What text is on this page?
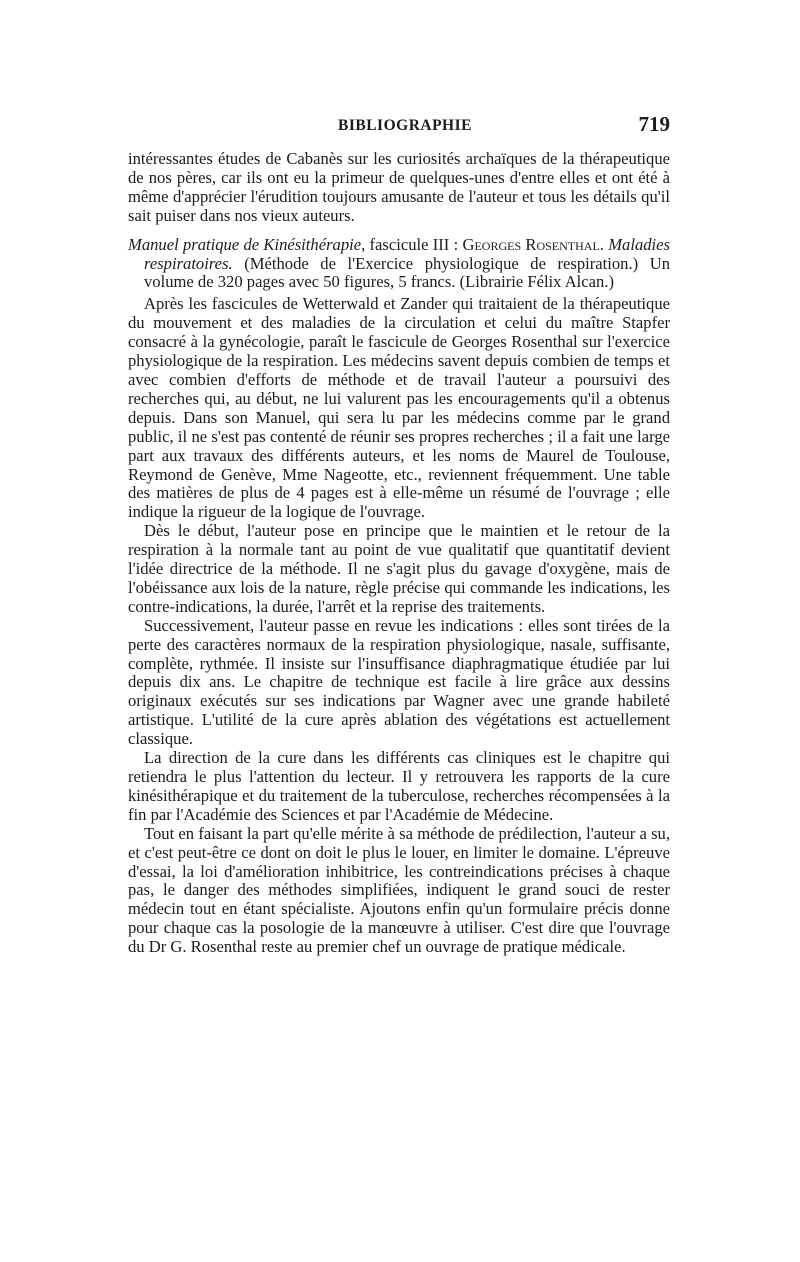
BIBLIOGRAPHIE	719

intéressantes études de Cabanès sur les curiosités archaïques de la thérapeutique de nos pères, car ils ont eu la primeur de quelques-unes d'entre elles et ont été à même d'apprécier l'érudition toujours amusante de l'auteur et tous les détails qu'il sait puiser dans nos vieux auteurs.

Manuel pratique de Kinésithérapie, fascicule III : Georges Rosenthal. Maladies respiratoires. (Méthode de l'Exercice physiologique de respiration.) Un volume de 320 pages avec 50 figures, 5 francs. (Librairie Félix Alcan.)

Après les fascicules de Wetterwald et Zander qui traitaient de la thérapeutique du mouvement et des maladies de la circulation et celui du maître Stapfer consacré à la gynécologie, paraît le fascicule de Georges Rosenthal sur l'exercice physiologique de la respiration. Les médecins savent depuis combien de temps et avec combien d'efforts de méthode et de travail l'auteur a poursuivi des recherches qui, au début, ne lui valurent pas les encouragements qu'il a obtenus depuis. Dans son Manuel, qui sera lu par les médecins comme par le grand public, il ne s'est pas contenté de réunir ses propres recherches ; il a fait une large part aux travaux des différents auteurs, et les noms de Maurel de Toulouse, Reymond de Genève, Mme Nageotte, etc., reviennent fréquemment. Une table des matières de plus de 4 pages est à elle-même un résumé de l'ouvrage ; elle indique la rigueur de la logique de l'ouvrage.

Dès le début, l'auteur pose en principe que le maintien et le retour de la respiration à la normale tant au point de vue qualitatif que quantitatif devient l'idée directrice de la méthode. Il ne s'agit plus du gavage d'oxygène, mais de l'obéissance aux lois de la nature, règle précise qui commande les indications, les contre-indications, la durée, l'arrêt et la reprise des traitements.

Successivement, l'auteur passe en revue les indications : elles sont tirées de la perte des caractères normaux de la respiration physiologique, nasale, suffisante, complète, rythmée. Il insiste sur l'insuffisance diaphragmatique étudiée par lui depuis dix ans. Le chapitre de technique est facile à lire grâce aux dessins originaux exécutés sur ses indications par Wagner avec une grande habileté artistique. L'utilité de la cure après ablation des végétations est actuellement classique.

La direction de la cure dans les différents cas cliniques est le chapitre qui retiendra le plus l'attention du lecteur. Il y retrouvera les rapports de la cure kinésithérapique et du traitement de la tuberculose, recherches récompensées à la fin par l'Académie des Sciences et par l'Académie de Médecine.

Tout en faisant la part qu'elle mérite à sa méthode de prédilection, l'auteur a su, et c'est peut-être ce dont on doit le plus le louer, en limiter le domaine. L'épreuve d'essai, la loi d'amélioration inhibitrice, les contreindications précises à chaque pas, le danger des méthodes simplifiées, indiquent le grand souci de rester médecin tout en étant spécialiste. Ajoutons enfin qu'un formulaire précis donne pour chaque cas la posologie de la manœuvre à utiliser. C'est dire que l'ouvrage du Dr G. Rosenthal reste au premier chef un ouvrage de pratique médicale.
